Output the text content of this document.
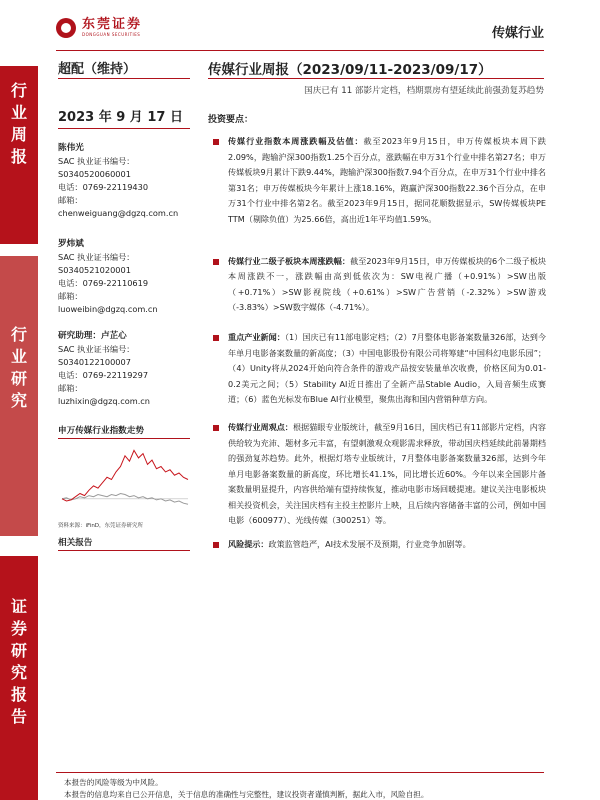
东莞证券
DONGGUAN SECURITIES	传媒行业
行
业
周
报
行
业
研
究
证
券
研
究
报
告
超配（维持）
2023 年 9 月 17 日
陈伟光
SAC 执业证书编号：
S0340520060001
电话：0769-22119430
邮箱：
chenweiguang@dgzq.com.cn
罗炜斌
SAC 执业证书编号：
S0340521020001
电话：0769-22110619
邮箱：
luoweibin@dgzq.com.cn
研究助理：卢芷心
SAC 执业证书编号：
S0340122100007
电话：0769-22119297
邮箱：
luzhixin@dgzq.com.cn
申万传媒行业指数走势
资料来源：iFinD，东莞证券研究所
相关报告
传媒行业周报（2023/09/11-2023/09/17）
国庆已有 11 部影片定档，档期票房有望延续此前强劲复苏趋势
投资要点：
传媒行业指数本周涨跌幅及估值：截至2023年9月15日，申万传媒板块本周下跌2.09%，跑输沪深300指数1.25个百分点，涨跌幅在申万31个行业中排名第27名；申万传媒板块9月累计下跌9.44%，跑输沪深300指数7.94个百分点，在申万31个行业中排名第31名；申万传媒板块今年累计上涨18.16%，跑赢沪深300指数22.36个百分点，在申万31个行业中排名第2名。截至2023年9月15日，据同花顺数据显示，SW传媒板块PE TTM（剔除负值）为25.66倍，高出近1年平均值1.59%。
传媒行业二级子板块本周涨跌幅：截至2023年9月15日，申万传媒板块的6个二级子板块本周涨跌不一，涨跌幅由高到低依次为：SW电视广播（+0.91%）>SW出版（+0.71%）>SW影视院线（+0.61%）>SW广告营销（-2.32%）>SW游戏（-3.83%）>SW数字媒体（-4.71%）。
重点产业新闻：（1）国庆已有11部电影定档；（2）7月整体电影备案数量326部，达到今年单月电影备案数量的新高度；（3）中国电影股份有限公司将筹建“中国科幻电影乐园”；（4）Unity将从2024开始向符合条件的游戏产品按安装量单次收费，价格区间为0.01-0.2美元之间；（5）Stability AI近日推出了全新产品Stable Audio，入局音频生成赛道；（6）蓝色光标发布Blue AI行业模型，聚焦出海和国内营销种草方向。
传媒行业周观点：根据猫眼专业版统计，截至9月16日，国庆档已有11部影片定档，内容供给较为充沛、题材多元丰富，有望刺激观众观影需求释放，带动国庆档延续此前暑期档的强劲复苏趋势。此外，根据灯塔专业版统计，7月整体电影备案数量326部，达到今年单月电影备案数量的新高度，环比增长41.1%，同比增长近60%。今年以来全国影片备案数量明显提升，内容供给端有望持续恢复，推动电影市场回暖提速。建议关注电影板块相关投资机会，关注国庆档有主投主控影片上映，且后续内容储备丰富的公司，例如中国电影（600977）、光线传媒（300251）等。
风险提示：政策监管趋严，AI技术发展不及预期，行业竞争加剧等。
本报告的风险等级为中风险。
本报告的信息均来自已公开信息，关于信息的准确性与完整性，建议投资者谨慎判断，据此入市，风险自担。
